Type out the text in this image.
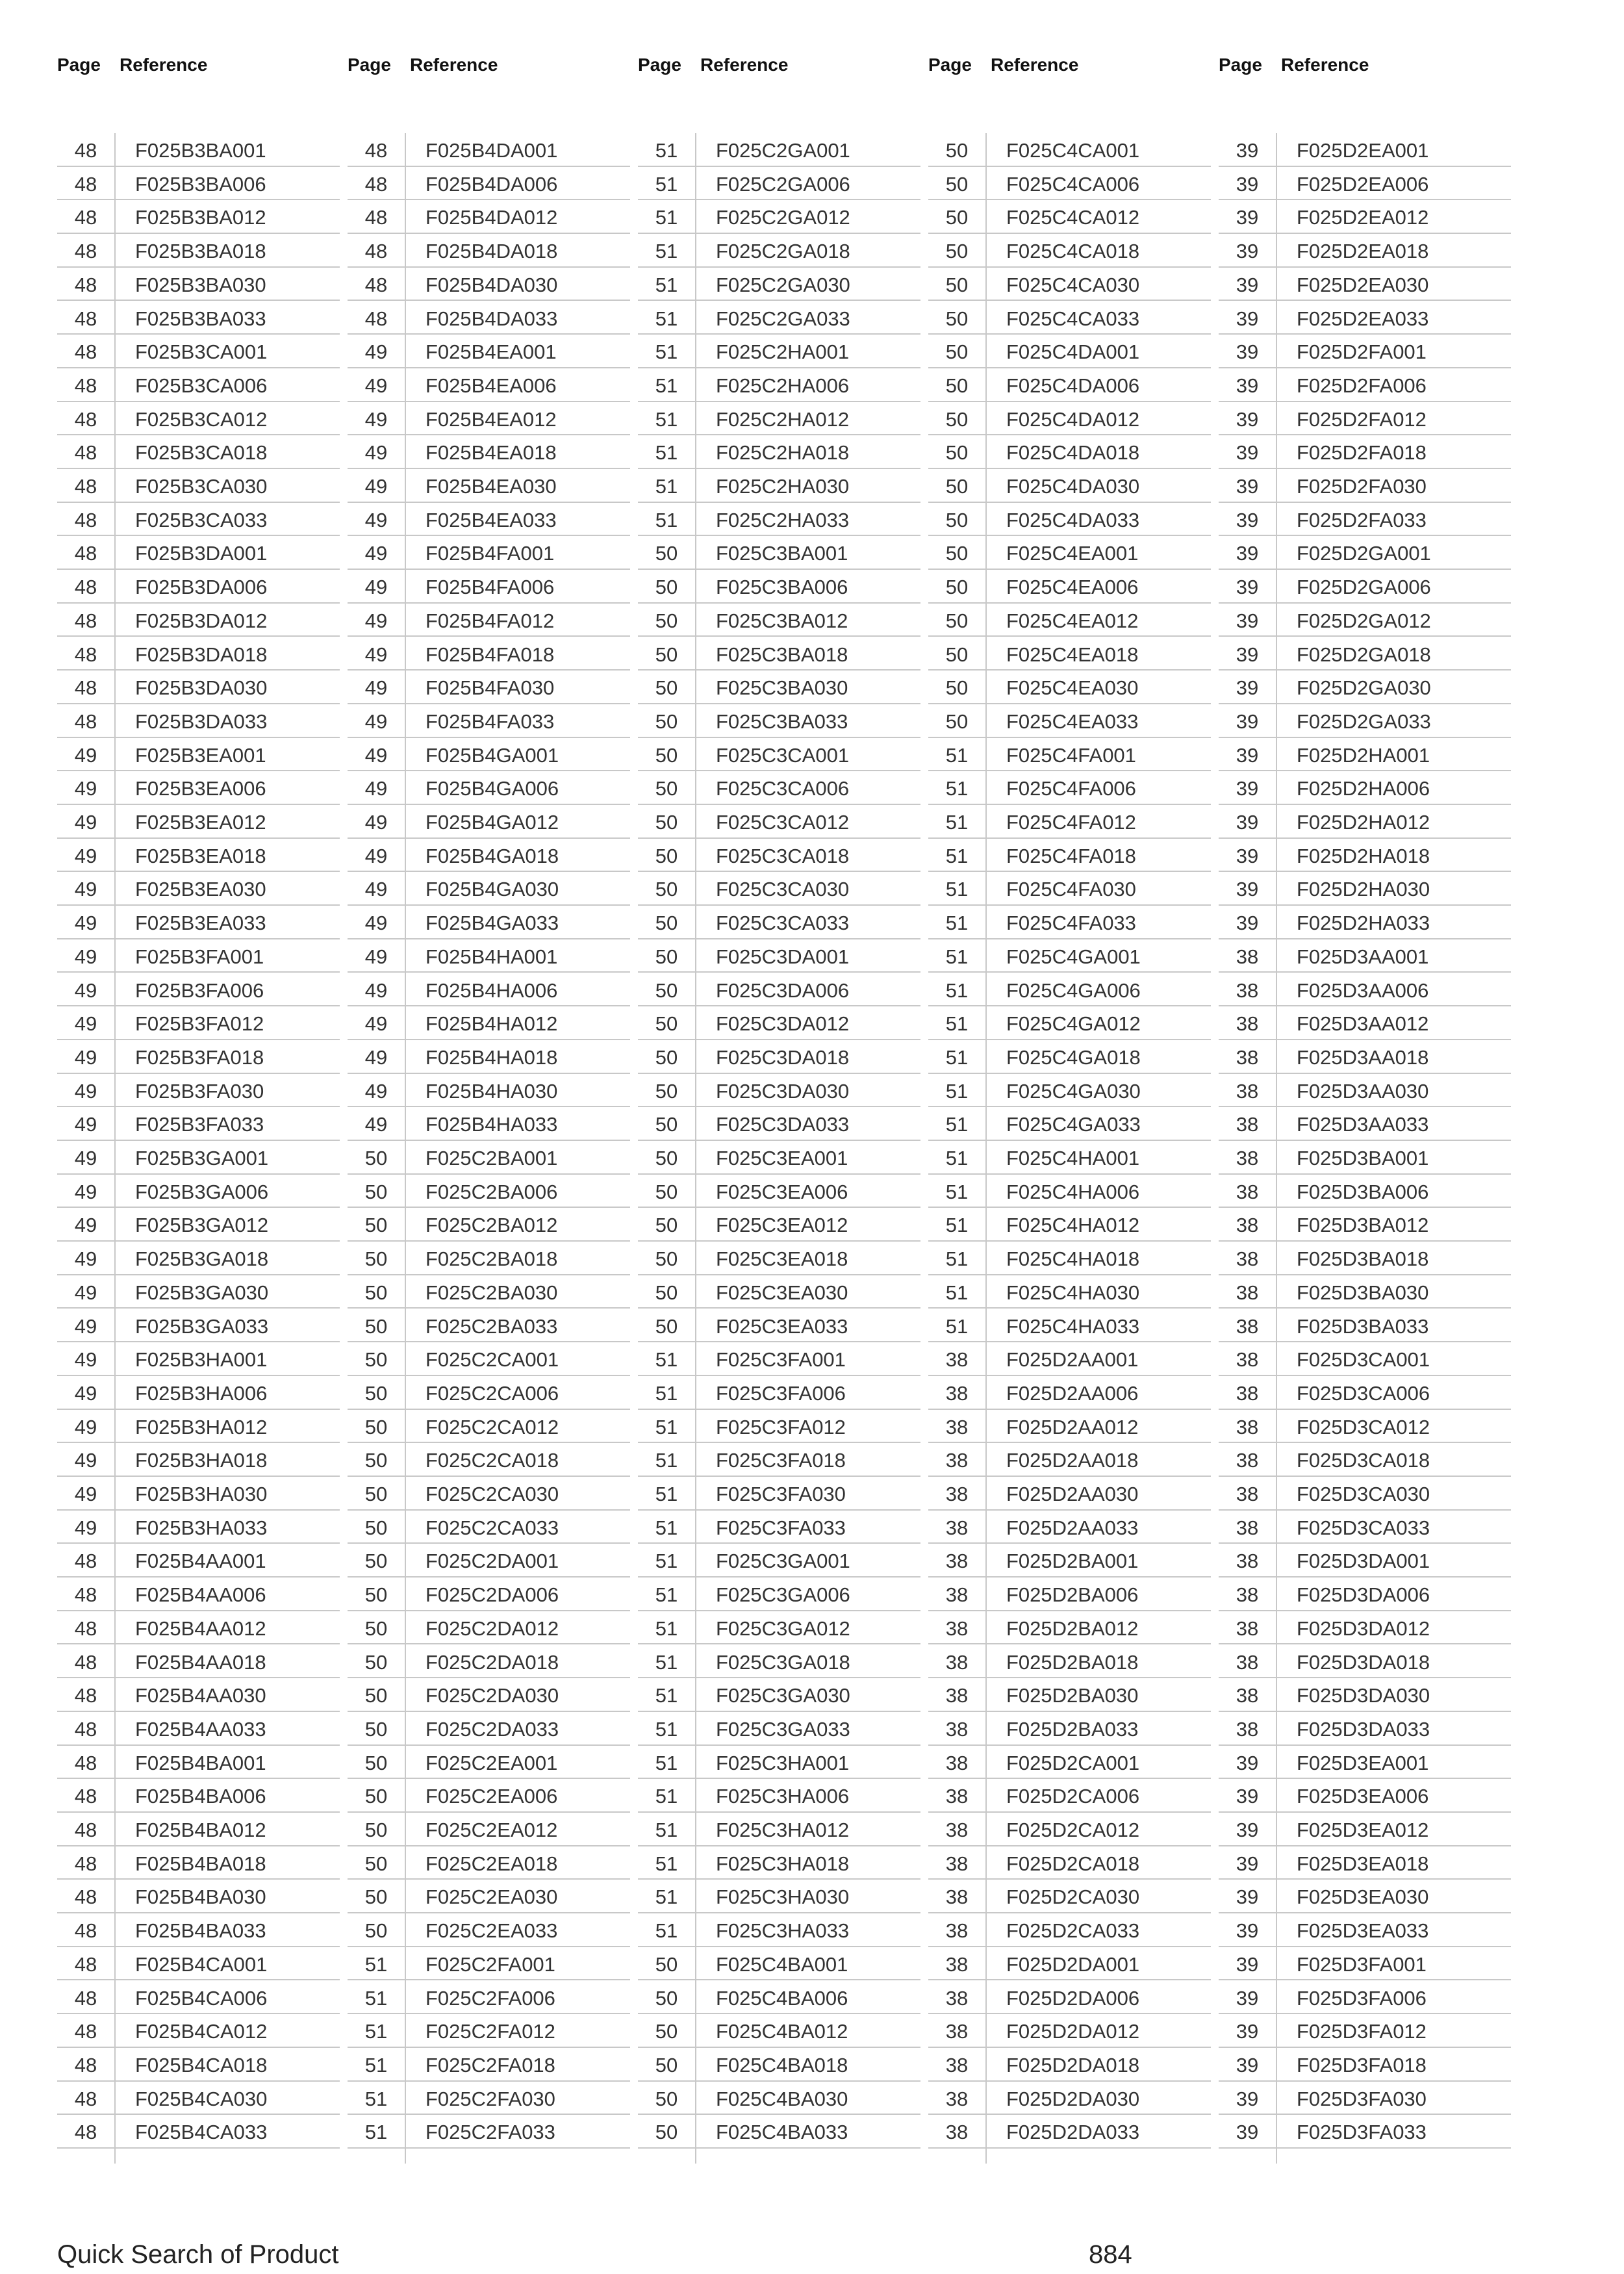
Page Reference
48	F025B3BA001
48	F025B3BA006
48	F025B3BA012
48	F025B3BA018
48	F025B3BA030
48	F025B3BA033
48	F025B3CA001
48	F025B3CA006
48	F025B3CA012
48	F025B3CA018
48	F025B3CA030
48	F025B3CA033
48	F025B3DA001
48	F025B3DA006
48	F025B3DA012
48	F025B3DA018
48	F025B3DA030
48	F025B3DA033
49	F025B3EA001
49	F025B3EA006
49	F025B3EA012
49	F025B3EA018
49	F025B3EA030
49	F025B3EA033
49	F025B3FA001
49	F025B3FA006
49	F025B3FA012
49	F025B3FA018
49	F025B3FA030
49	F025B3FA033
49	F025B3GA001
49	F025B3GA006
49	F025B3GA012
49	F025B3GA018
49	F025B3GA030
49	F025B3GA033
49	F025B3HA001
49	F025B3HA006
49	F025B3HA012
49	F025B3HA018
49	F025B3HA030
49	F025B3HA033
48	F025B4AA001
48	F025B4AA006
48	F025B4AA012
48	F025B4AA018
48	F025B4AA030
48	F025B4AA033
48	F025B4BA001
48	F025B4BA006
48	F025B4BA012
48	F025B4BA018
48	F025B4BA030
48	F025B4BA033
48	F025B4CA001
48	F025B4CA006
48	F025B4CA012
48	F025B4CA018
48	F025B4CA030
48	F025B4CA033
Page Reference
48	F025B4DA001
48	F025B4DA006
48	F025B4DA012
48	F025B4DA018
48	F025B4DA030
48	F025B4DA033
49	F025B4EA001
49	F025B4EA006
49	F025B4EA012
49	F025B4EA018
49	F025B4EA030
49	F025B4EA033
49	F025B4FA001
49	F025B4FA006
49	F025B4FA012
49	F025B4FA018
49	F025B4FA030
49	F025B4FA033
49	F025B4GA001
49	F025B4GA006
49	F025B4GA012
49	F025B4GA018
49	F025B4GA030
49	F025B4GA033
49	F025B4HA001
49	F025B4HA006
49	F025B4HA012
49	F025B4HA018
49	F025B4HA030
49	F025B4HA033
50	F025C2BA001
50	F025C2BA006
50	F025C2BA012
50	F025C2BA018
50	F025C2BA030
50	F025C2BA033
50	F025C2CA001
50	F025C2CA006
50	F025C2CA012
50	F025C2CA018
50	F025C2CA030
50	F025C2CA033
50	F025C2DA001
50	F025C2DA006
50	F025C2DA012
50	F025C2DA018
50	F025C2DA030
50	F025C2DA033
50	F025C2EA001
50	F025C2EA006
50	F025C2EA012
50	F025C2EA018
50	F025C2EA030
50	F025C2EA033
51	F025C2FA001
51	F025C2FA006
51	F025C2FA012
51	F025C2FA018
51	F025C2FA030
51	F025C2FA033
Page Reference
51	F025C2GA001
51	F025C2GA006
51	F025C2GA012
51	F025C2GA018
51	F025C2GA030
51	F025C2GA033
51	F025C2HA001
51	F025C2HA006
51	F025C2HA012
51	F025C2HA018
51	F025C2HA030
51	F025C2HA033
50	F025C3BA001
50	F025C3BA006
50	F025C3BA012
50	F025C3BA018
50	F025C3BA030
50	F025C3BA033
50	F025C3CA001
50	F025C3CA006
50	F025C3CA012
50	F025C3CA018
50	F025C3CA030
50	F025C3CA033
50	F025C3DA001
50	F025C3DA006
50	F025C3DA012
50	F025C3DA018
50	F025C3DA030
50	F025C3DA033
50	F025C3EA001
50	F025C3EA006
50	F025C3EA012
50	F025C3EA018
50	F025C3EA030
50	F025C3EA033
51	F025C3FA001
51	F025C3FA006
51	F025C3FA012
51	F025C3FA018
51	F025C3FA030
51	F025C3FA033
51	F025C3GA001
51	F025C3GA006
51	F025C3GA012
51	F025C3GA018
51	F025C3GA030
51	F025C3GA033
51	F025C3HA001
51	F025C3HA006
51	F025C3HA012
51	F025C3HA018
51	F025C3HA030
51	F025C3HA033
50	F025C4BA001
50	F025C4BA006
50	F025C4BA012
50	F025C4BA018
50	F025C4BA030
50	F025C4BA033
Page Reference
50	F025C4CA001
50	F025C4CA006
50	F025C4CA012
50	F025C4CA018
50	F025C4CA030
50	F025C4CA033
50	F025C4DA001
50	F025C4DA006
50	F025C4DA012
50	F025C4DA018
50	F025C4DA030
50	F025C4DA033
50	F025C4EA001
50	F025C4EA006
50	F025C4EA012
50	F025C4EA018
50	F025C4EA030
50	F025C4EA033
51	F025C4FA001
51	F025C4FA006
51	F025C4FA012
51	F025C4FA018
51	F025C4FA030
51	F025C4FA033
51	F025C4GA001
51	F025C4GA006
51	F025C4GA012
51	F025C4GA018
51	F025C4GA030
51	F025C4GA033
51	F025C4HA001
51	F025C4HA006
51	F025C4HA012
51	F025C4HA018
51	F025C4HA030
51	F025C4HA033
38	F025D2AA001
38	F025D2AA006
38	F025D2AA012
38	F025D2AA018
38	F025D2AA030
38	F025D2AA033
38	F025D2BA001
38	F025D2BA006
38	F025D2BA012
38	F025D2BA018
38	F025D2BA030
38	F025D2BA033
38	F025D2CA001
38	F025D2CA006
38	F025D2CA012
38	F025D2CA018
38	F025D2CA030
38	F025D2CA033
38	F025D2DA001
38	F025D2DA006
38	F025D2DA012
38	F025D2DA018
38	F025D2DA030
38	F025D2DA033
Page Reference
39	F025D2EA001
39	F025D2EA006
39	F025D2EA012
39	F025D2EA018
39	F025D2EA030
39	F025D2EA033
39	F025D2FA001
39	F025D2FA006
39	F025D2FA012
39	F025D2FA018
39	F025D2FA030
39	F025D2FA033
39	F025D2GA001
39	F025D2GA006
39	F025D2GA012
39	F025D2GA018
39	F025D2GA030
39	F025D2GA033
39	F025D2HA001
39	F025D2HA006
39	F025D2HA012
39	F025D2HA018
39	F025D2HA030
39	F025D2HA033
38	F025D3AA001
38	F025D3AA006
38	F025D3AA012
38	F025D3AA018
38	F025D3AA030
38	F025D3AA033
38	F025D3BA001
38	F025D3BA006
38	F025D3BA012
38	F025D3BA018
38	F025D3BA030
38	F025D3BA033
38	F025D3CA001
38	F025D3CA006
38	F025D3CA012
38	F025D3CA018
38	F025D3CA030
38	F025D3CA033
38	F025D3DA001
38	F025D3DA006
38	F025D3DA012
38	F025D3DA018
38	F025D3DA030
38	F025D3DA033
39	F025D3EA001
39	F025D3EA006
39	F025D3EA012
39	F025D3EA018
39	F025D3EA030
39	F025D3EA033
39	F025D3FA001
39	F025D3FA006
39	F025D3FA012
39	F025D3FA018
39	F025D3FA030
39	F025D3FA033
Quick Search of Product	884
